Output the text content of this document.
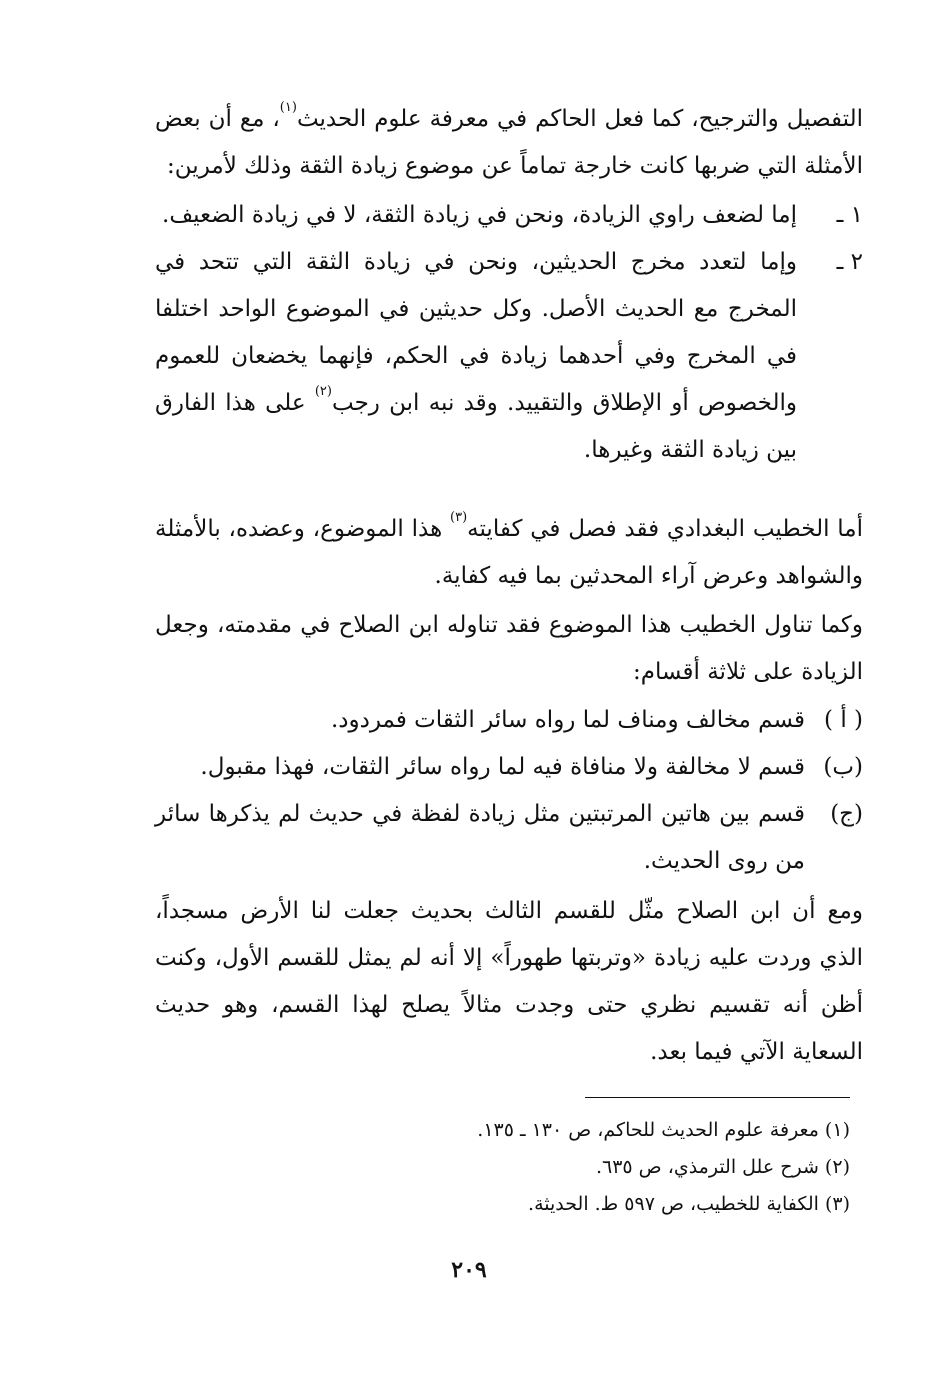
التفصيل والترجيح، كما فعل الحاكم في معرفة علوم الحديث$^{(١)}$، مع أن بعض الأمثلة التي ضربها كانت خارجة تماماً عن موضوع زيادة الثقة وذلك لأمرين:

١ ـ
إما لضعف راوي الزيادة، ونحن في زيادة الثقة، لا في زيادة الضعيف.
٢ ـ
وإما لتعدد مخرج الحديثين، ونحن في زيادة الثقة التي تتحد في المخرج مع الحديث الأصل. وكل حديثين في الموضوع الواحد اختلفا في المخرج وفي أحدهما زيادة في الحكم، فإنهما يخضعان للعموم والخصوص أو الإطلاق والتقييد. وقد نبه ابن رجب$^{(٢)}$ على هذا الفارق بين زيادة الثقة وغيرها.

أما الخطيب البغدادي فقد فصل في كفايته$^{(٣)}$ هذا الموضوع، وعضده، بالأمثلة والشواهد وعرض آراء المحدثين بما فيه كفاية.

وكما تناول الخطيب هذا الموضوع فقد تناوله ابن الصلاح في مقدمته، وجعل الزيادة على ثلاثة أقسام:

( أ )
قسم مخالف ومناف لما رواه سائر الثقات فمردود.
(ب)
قسم لا مخالفة ولا منافاة فيه لما رواه سائر الثقات، فهذا مقبول.
(ج)
قسم بين هاتين المرتبتين مثل زيادة لفظة في حديث لم يذكرها سائر من روى الحديث.

ومع أن ابن الصلاح مثّل للقسم الثالث بحديث جعلت لنا الأرض مسجداً، الذي وردت عليه زيادة «وتربتها طهوراً» إلا أنه لم يمثل للقسم الأول، وكنت أظن أنه تقسيم نظري حتى وجدت مثالاً يصلح لهذا القسم، وهو حديث السعاية الآتي فيما بعد.

(١) معرفة علوم الحديث للحاكم، ص ١٣٠ ـ ١٣٥.
(٢) شرح علل الترمذي، ص ٦٣٥.
(٣) الكفاية للخطيب، ص ٥٩٧ ط. الحديثة.
٢٠٩
